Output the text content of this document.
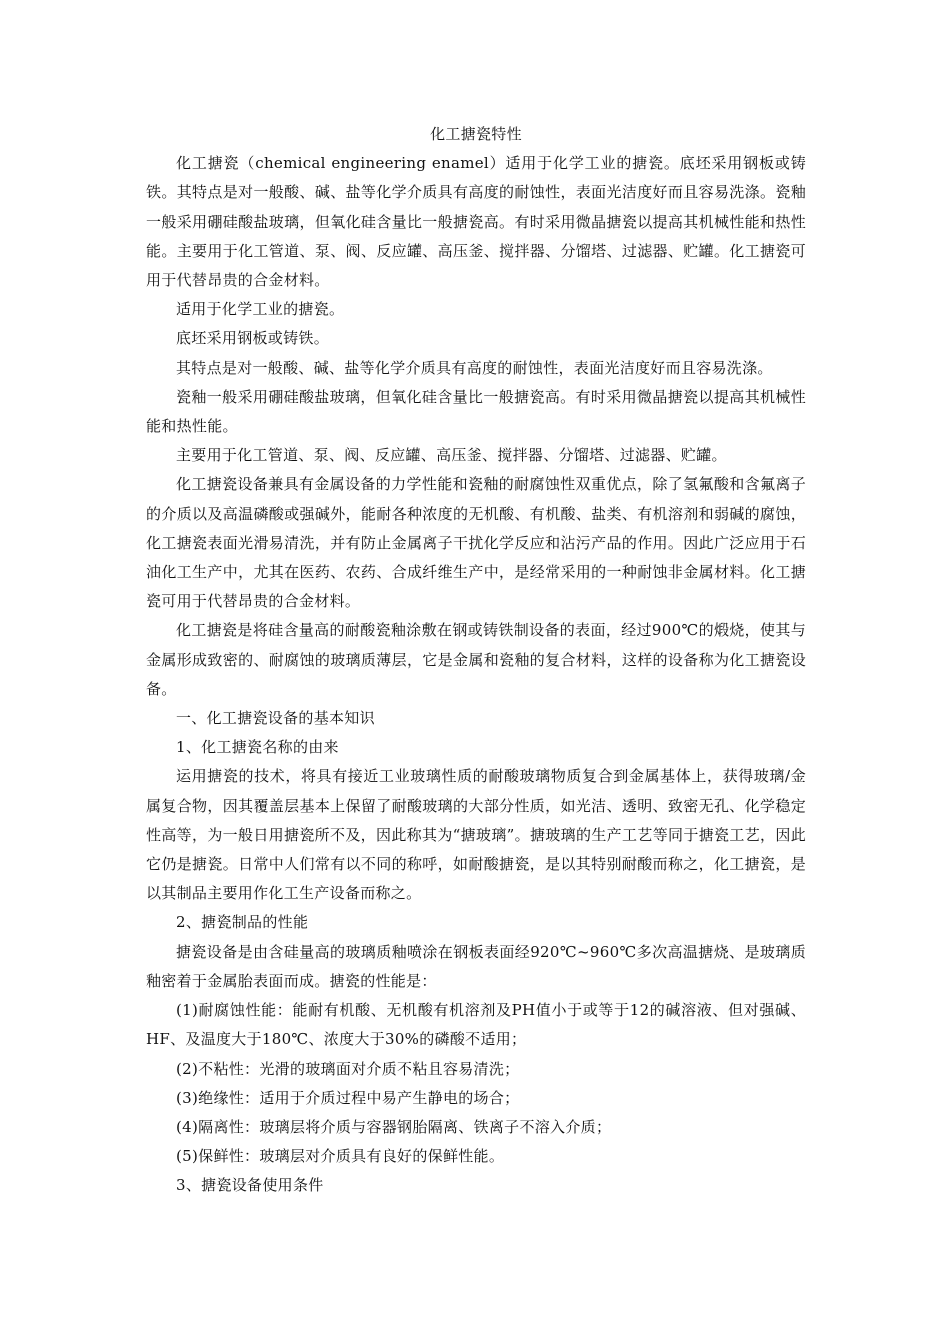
化工搪瓷特性

化工搪瓷（chemical engineering enamel）适用于化学工业的搪瓷。底坯采用钢板或铸铁。其特点是对一般酸、碱、盐等化学介质具有高度的耐蚀性，表面光洁度好而且容易洗涤。瓷釉一般采用硼硅酸盐玻璃，但氧化硅含量比一般搪瓷高。有时采用微晶搪瓷以提高其机械性能和热性能。主要用于化工管道、泵、阀、反应罐、高压釜、搅拌器、分馏塔、过滤器、贮罐。化工搪瓷可用于代替昂贵的合金材料。

适用于化学工业的搪瓷。

底坯采用钢板或铸铁。

其特点是对一般酸、碱、盐等化学介质具有高度的耐蚀性，表面光洁度好而且容易洗涤。

瓷釉一般采用硼硅酸盐玻璃，但氧化硅含量比一般搪瓷高。有时采用微晶搪瓷以提高其机械性能和热性能。

主要用于化工管道、泵、阀、反应罐、高压釜、搅拌器、分馏塔、过滤器、贮罐。

化工搪瓷设备兼具有金属设备的力学性能和瓷釉的耐腐蚀性双重优点，除了氢氟酸和含氟离子的介质以及高温磷酸或强碱外，能耐各种浓度的无机酸、有机酸、盐类、有机溶剂和弱碱的腐蚀，化工搪瓷表面光滑易清洗，并有防止金属离子干扰化学反应和沾污产品的作用。因此广泛应用于石油化工生产中，尤其在医药、农药、合成纤维生产中，是经常采用的一种耐蚀非金属材料。化工搪瓷可用于代替昂贵的合金材料。

化工搪瓷是将硅含量高的耐酸瓷釉涂敷在钢或铸铁制设备的表面，经过900℃的煅烧，使其与金属形成致密的、耐腐蚀的玻璃质薄层，它是金属和瓷釉的复合材料，这样的设备称为化工搪瓷设备。

一、化工搪瓷设备的基本知识

1、化工搪瓷名称的由来

运用搪瓷的技术，将具有接近工业玻璃性质的耐酸玻璃物质复合到金属基体上，获得玻璃/金属复合物，因其覆盖层基本上保留了耐酸玻璃的大部分性质，如光洁、透明、致密无孔、化学稳定性高等，为一般日用搪瓷所不及，因此称其为“搪玻璃”。搪玻璃的生产工艺等同于搪瓷工艺，因此它仍是搪瓷。日常中人们常有以不同的称呼，如耐酸搪瓷，是以其特别耐酸而称之，化工搪瓷，是以其制品主要用作化工生产设备而称之。

2、搪瓷制品的性能

搪瓷设备是由含硅量高的玻璃质釉喷涂在钢板表面经920℃~960℃多次高温搪烧、是玻璃质釉密着于金属胎表面而成。搪瓷的性能是：

(1)耐腐蚀性能：能耐有机酸、无机酸有机溶剂及PH值小于或等于12的碱溶液、但对强碱、HF、及温度大于180℃、浓度大于30%的磷酸不适用；

(2)不粘性：光滑的玻璃面对介质不粘且容易清洗；

(3)绝缘性：适用于介质过程中易产生静电的场合；

(4)隔离性：玻璃层将介质与容器钢胎隔离、铁离子不溶入介质；

(5)保鲜性：玻璃层对介质具有良好的保鲜性能。

3、搪瓷设备使用条件
